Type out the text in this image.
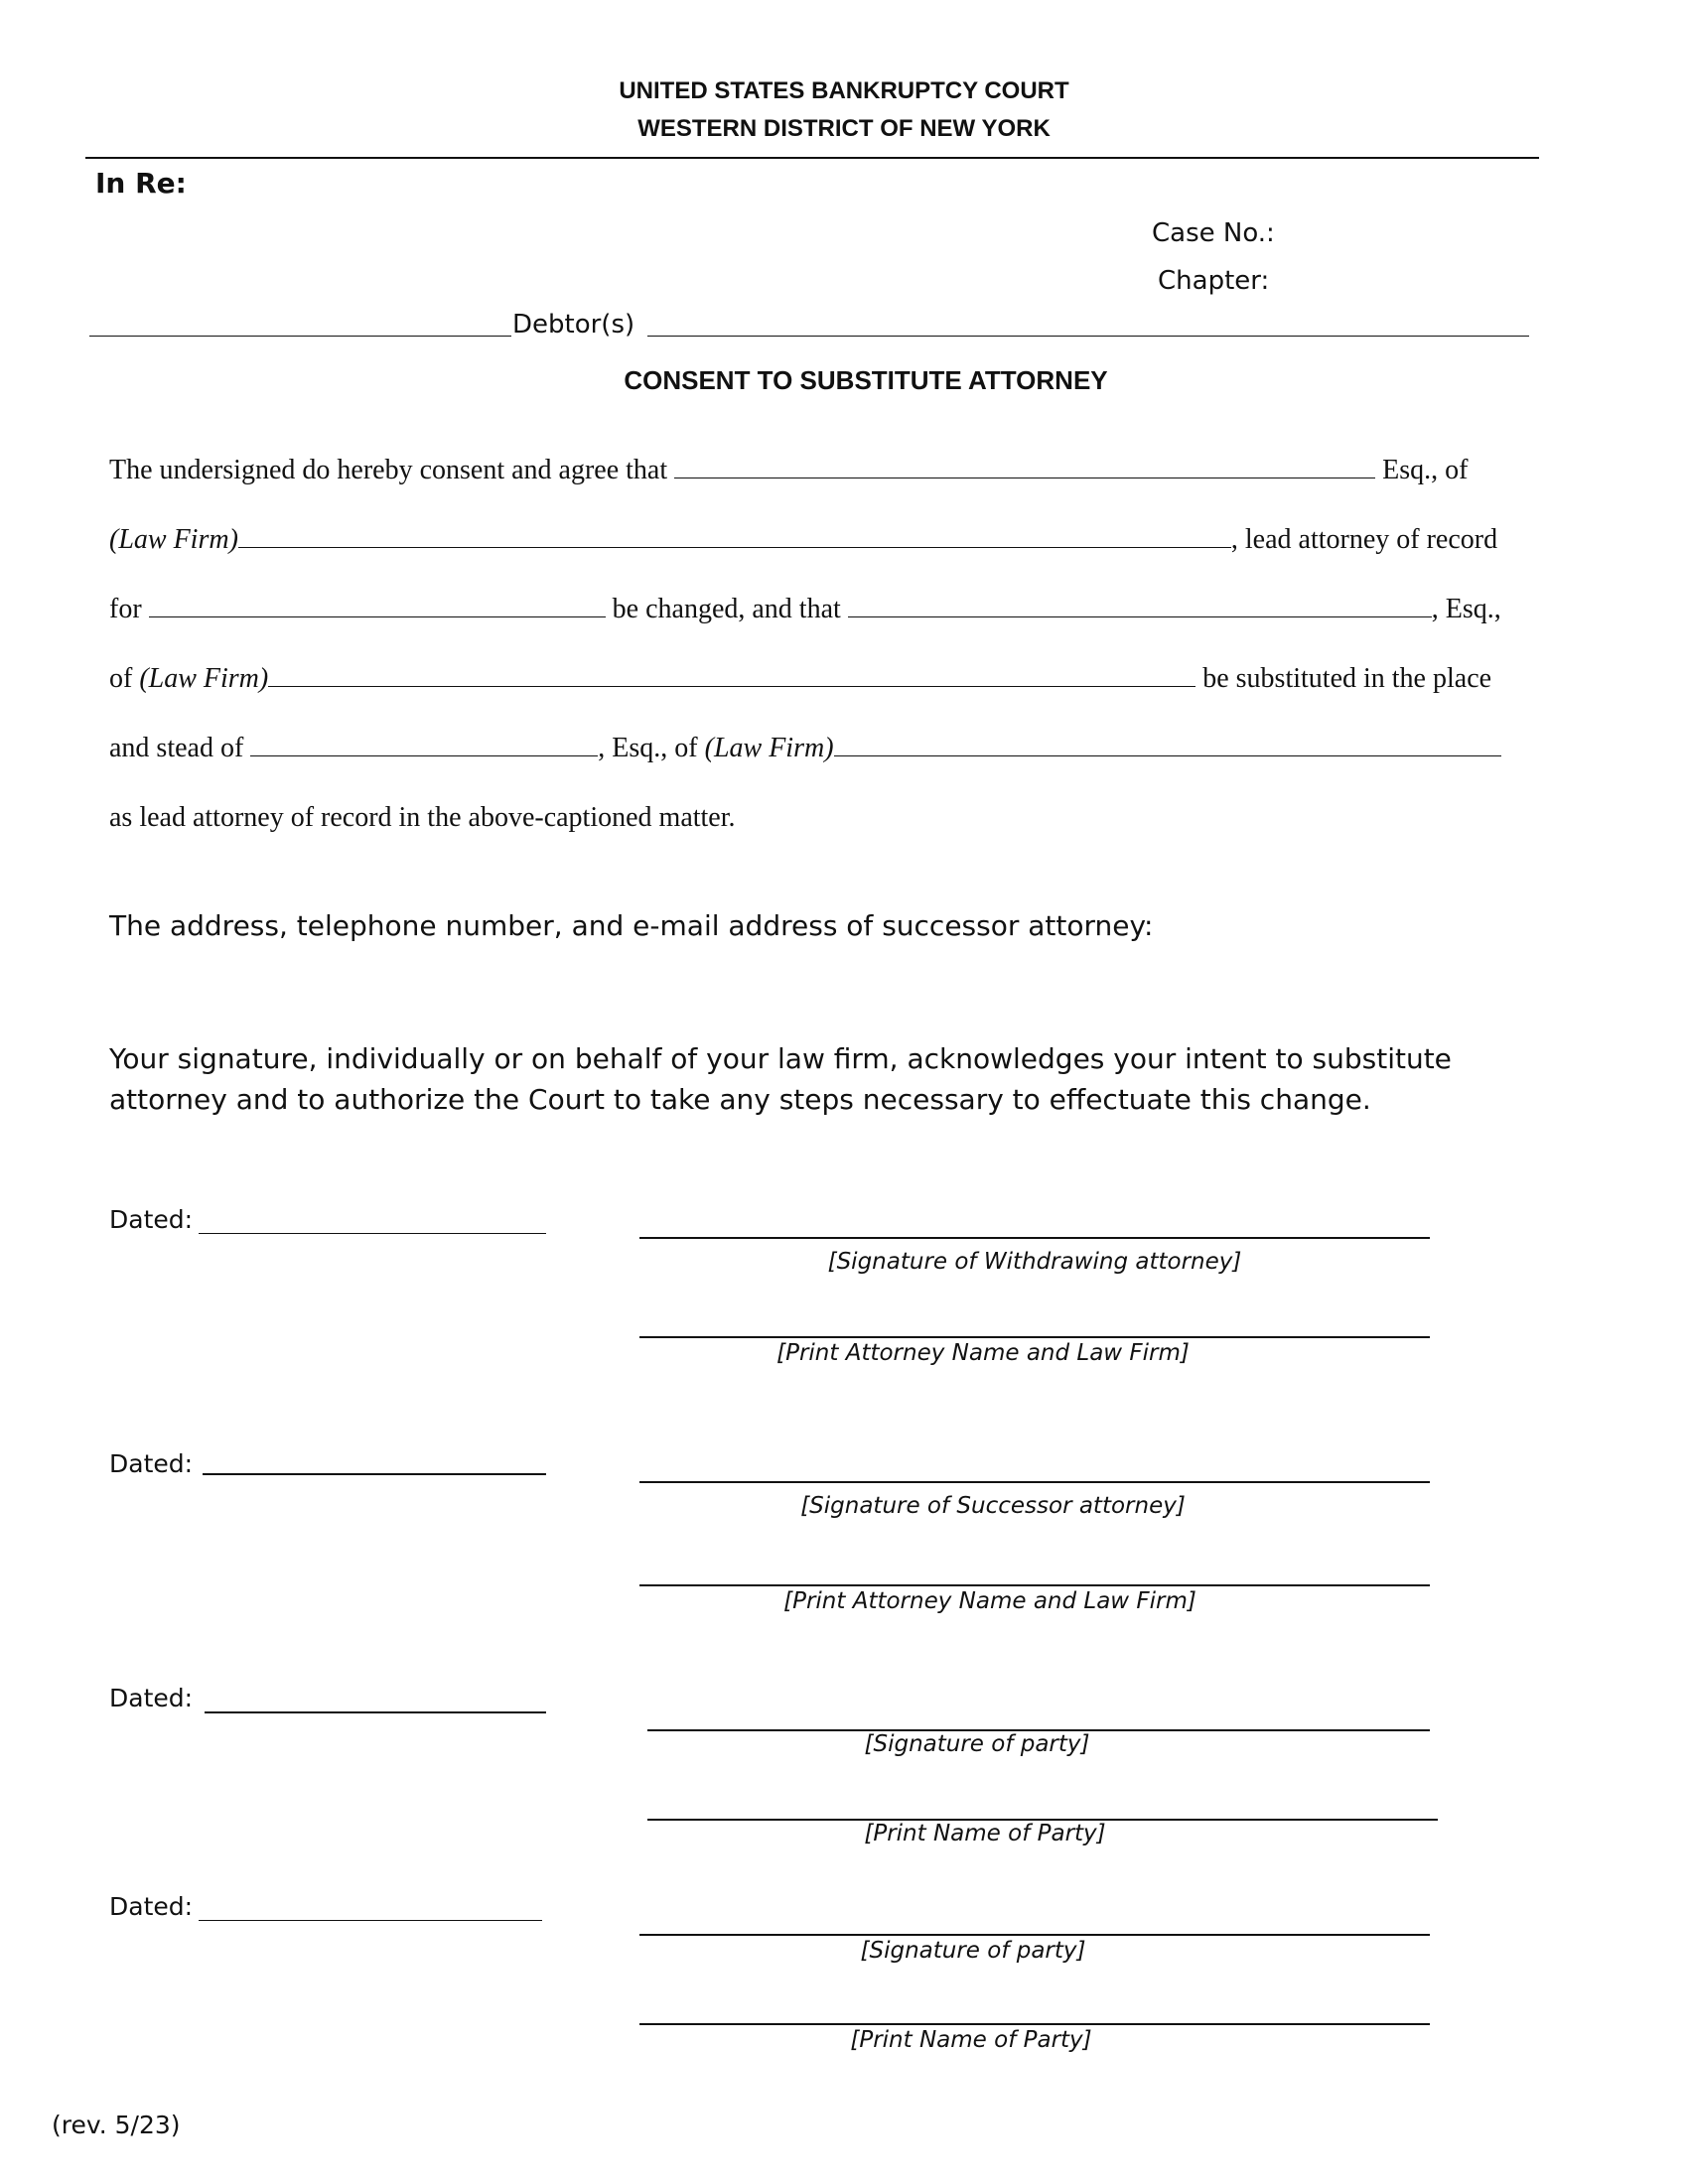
UNITED STATES BANKRUPTCY COURT
WESTERN DISTRICT OF NEW YORK
In Re:
Case No.:
Chapter:
Debtor(s)
CONSENT TO SUBSTITUTE ATTORNEY
The undersigned do hereby consent and agree that	Esq., of
(Law Firm)	, lead attorney of record
for	be changed, and that	, Esq.,
of (Law Firm)	be substituted in the place
and stead of	, Esq., of (Law Firm)
as lead attorney of record in the above-captioned matter.
The address, telephone number, and e-mail address of successor attorney:
Your signature, individually or on behalf of your law firm, acknowledges your intent to substitute attorney and to authorize the Court to take any steps necessary to effectuate this change.
Dated:
[Signature of Withdrawing attorney]
[Print Attorney Name and Law Firm]
Dated:
[Signature of Successor attorney]
[Print Attorney Name and Law Firm]
Dated:
[Signature of party]
[Print Name of Party]
Dated:
[Signature of party]
[Print Name of Party]
(rev. 5/23)
